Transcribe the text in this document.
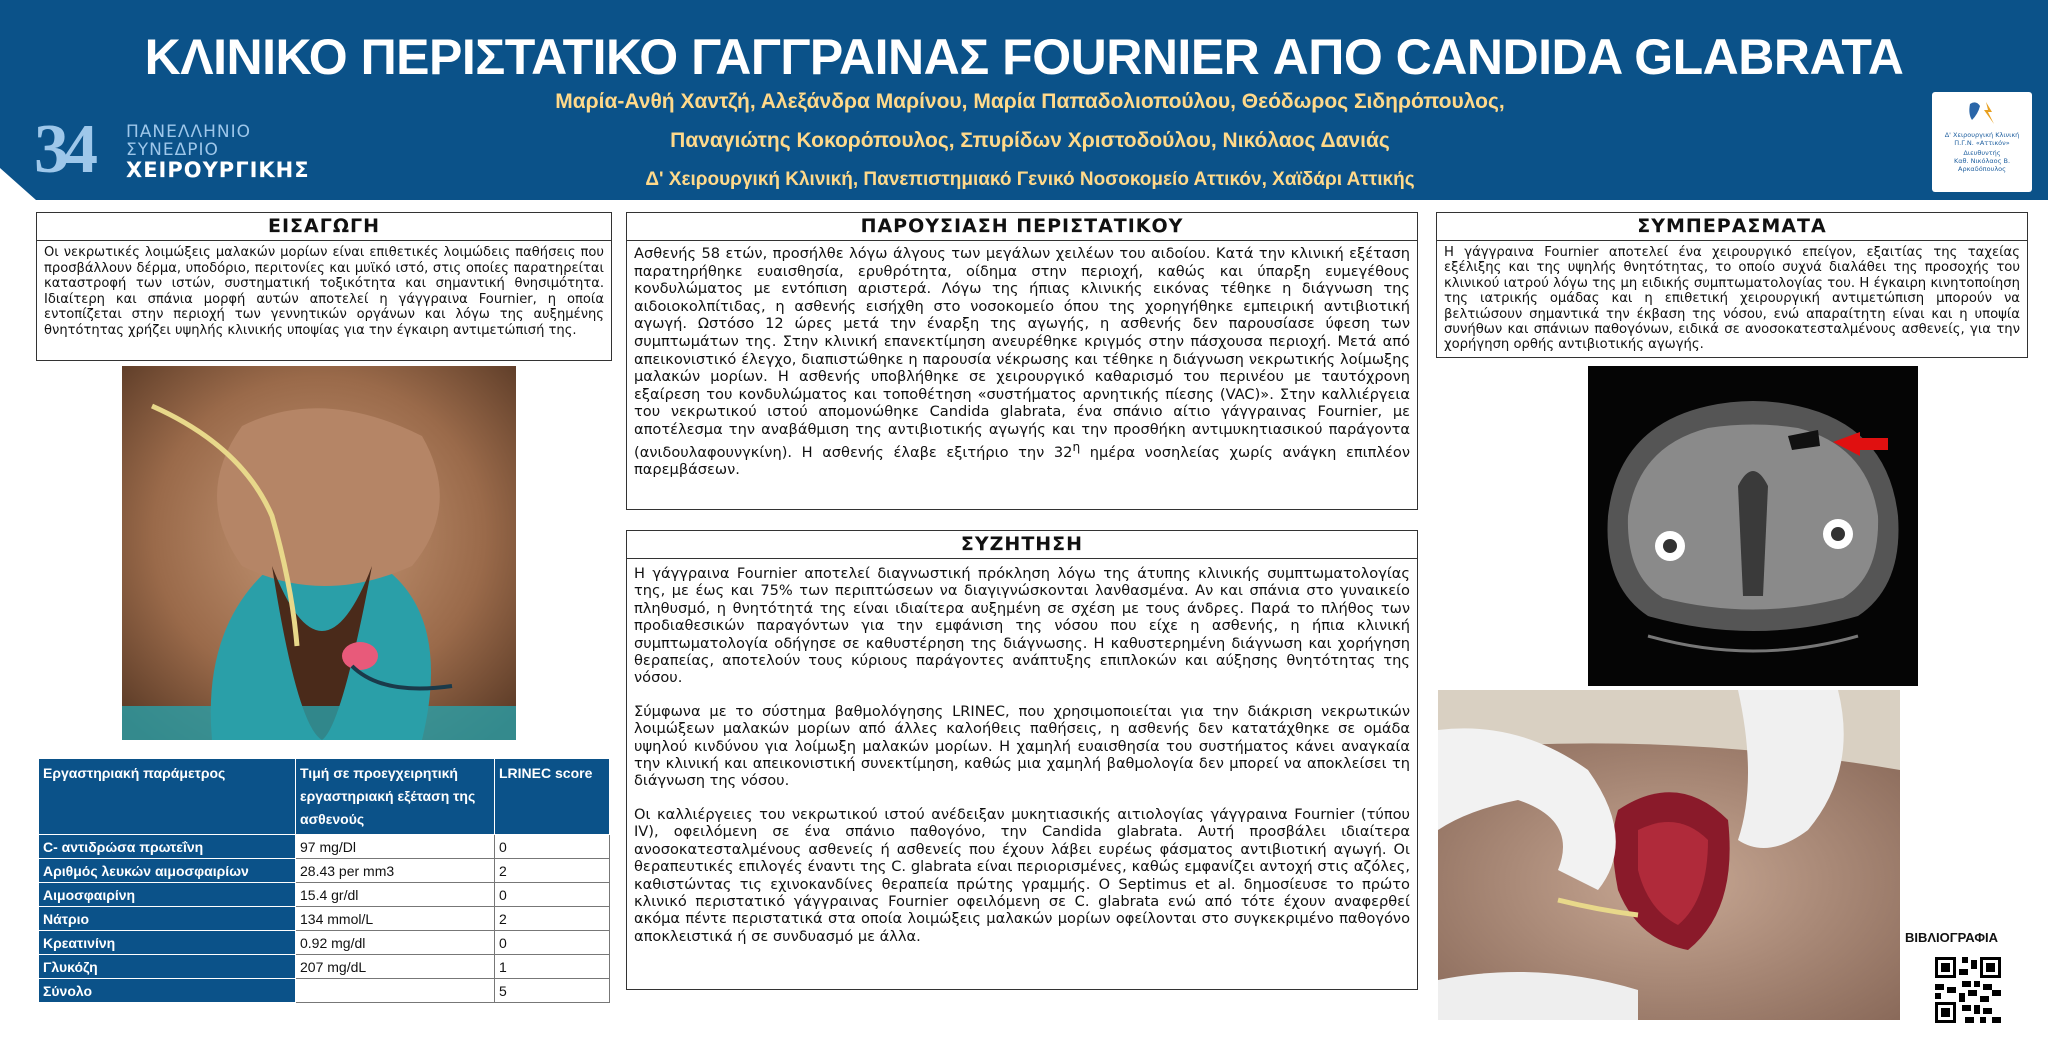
ΚΛΙΝΙΚΟ ΠΕΡΙΣΤΑΤΙΚΟ ΓΑΓΓΡΑΙΝΑΣ FOURNIER ΑΠΟ CANDIDA GLABRATA
Μαρία-Ανθή Χαντζή, Αλεξάνδρα Μαρίνου, Μαρία Παπαδολιοπούλου, Θεόδωρος Σιδηρόπουλος,
Παναγιώτης Κοκορόπουλος, Σπυρίδων Χριστοδούλου, Νικόλαος Δανιάς
Δ' Χειρουργική Κλινική, Πανεπιστημιακό Γενικό Νοσοκομείο Αττικόν, Χαϊδάρι Αττικής
34 ΠΑΝΕΛΛΗΝΙΟ
ΣΥΝΕΔΡΙΟ
ΧΕΙΡΟΥΡΓΙΚΗΣ
Δ' Χειρουργική Κλινική
Π.Γ.Ν. «Αττικόν»
Διευθυντής
Καθ. Νικόλαος Β. Αρκαδόπουλος
ΕΙΣΑΓΩΓΗ
Οι νεκρωτικές λοιμώξεις μαλακών μορίων είναι επιθετικές λοιμώδεις παθήσεις που προσβάλλουν δέρμα, υποδόριο, περιτονίες και μυϊκό ιστό, στις οποίες παρατηρείται καταστροφή των ιστών, συστηματική τοξικότητα και σημαντική θνησιμότητα. Ιδιαίτερη και σπάνια μορφή αυτών αποτελεί η γάγγραινα Fournier, η οποία εντοπίζεται στην περιοχή των γεννητικών οργάνων και λόγω της αυξημένης θνητότητας χρήζει υψηλής κλινικής υποψίας για την έγκαιρη αντιμετώπισή της.
Εργαστηριακή παράμετρος	Τιμή σε προεγχειρητική εργαστηριακή εξέταση της ασθενούς	LRINEC score
C- αντιδρώσα πρωτεΐνη	97 mg/Dl	0
Αριθμός λευκών αιμοσφαιρίων	28.43 per mm3	2
Αιμοσφαιρίνη	15.4 gr/dl	0
Νάτριο	134 mmol/L	2
Κρεατινίνη	0.92 mg/dl	0
Γλυκόζη	207 mg/dL	1
Σύνολο		5
ΠΑΡΟΥΣΙΑΣΗ ΠΕΡΙΣΤΑΤΙΚΟΥ
Ασθενής 58 ετών, προσήλθε λόγω άλγους των μεγάλων χειλέων του αιδοίου. Κατά την κλινική εξέταση παρατηρήθηκε ευαισθησία, ερυθρότητα, οίδημα στην περιοχή, καθώς και ύπαρξη ευμεγέθους κονδυλώματος με εντόπιση αριστερά. Λόγω της ήπιας κλινικής εικόνας τέθηκε η διάγνωση της αιδοιοκολπίτιδας, η ασθενής εισήχθη στο νοσοκομείο όπου της χορηγήθηκε εμπειρική αντιβιοτική αγωγή. Ωστόσο 12 ώρες μετά την έναρξη της αγωγής, η ασθενής δεν παρουσίασε ύφεση των συμπτωμάτων της. Στην κλινική επανεκτίμηση ανευρέθηκε κριγμός στην πάσχουσα περιοχή. Μετά από απεικονιστικό έλεγχο, διαπιστώθηκε η παρουσία νέκρωσης και τέθηκε η διάγνωση νεκρωτικής λοίμωξης μαλακών μορίων. Η ασθενής υποβλήθηκε σε χειρουργικό καθαρισμό του περινέου με ταυτόχρονη εξαίρεση του κονδυλώματος και τοποθέτηση «συστήματος αρνητικής πίεσης (VAC)». Στην καλλιέργεια του νεκρωτικού ιστού απομονώθηκε Candida glabrata, ένα σπάνιο αίτιο γάγγραινας Fournier, με αποτέλεσμα την αναβάθμιση της αντιβιοτικής αγωγής και την προσθήκη αντιμυκητιασικού παράγοντα (ανιδουλαφουνγκίνη). Η ασθενής έλαβε εξιτήριο την $32^\eta$ ημέρα νοσηλείας χωρίς ανάγκη επιπλέον παρεμβάσεων.
ΣΥΖΗΤΗΣΗ

Η γάγγραινα Fournier αποτελεί διαγνωστική πρόκληση λόγω της άτυπης κλινικής συμπτωματολογίας της, με έως και 75% των περιπτώσεων να διαγιγνώσκονται λανθασμένα. Αν και σπάνια στο γυναικείο πληθυσμό, η θνητότητά της είναι ιδιαίτερα αυξημένη σε σχέση με τους άνδρες. Παρά το πλήθος των προδιαθεσικών παραγόντων για την εμφάνιση της νόσου που είχε η ασθενής, η ήπια κλινική συμπτωματολογία οδήγησε σε καθυστέρηση της διάγνωσης. Η καθυστερημένη διάγνωση και χορήγηση θεραπείας, αποτελούν τους κύριους παράγοντες ανάπτυξης επιπλοκών και αύξησης θνητότητας της νόσου.

Σύμφωνα με το σύστημα βαθμολόγησης LRINEC, που χρησιμοποιείται για την διάκριση νεκρωτικών λοιμώξεων μαλακών μορίων από άλλες καλοήθεις παθήσεις, η ασθενής δεν κατατάχθηκε σε ομάδα υψηλού κινδύνου για λοίμωξη μαλακών μορίων. Η χαμηλή ευαισθησία του συστήματος κάνει αναγκαία την κλινική και απεικονιστική συνεκτίμηση, καθώς μια χαμηλή βαθμολογία δεν μπορεί να αποκλείσει τη διάγνωση της νόσου.

Οι καλλιέργειες του νεκρωτικού ιστού ανέδειξαν μυκητιασικής αιτιολογίας γάγγραινα Fournier (τύπου IV), οφειλόμενη σε ένα σπάνιο παθογόνο, την Candida glabrata. Αυτή προσβάλει ιδιαίτερα ανοσοκατεσταλμένους ασθενείς ή ασθενείς που έχουν λάβει ευρέως φάσματος αντιβιοτική αγωγή. Οι θεραπευτικές επιλογές έναντι της C. glabrata είναι περιορισμένες, καθώς εμφανίζει αντοχή στις αζόλες, καθιστώντας τις εχινοκανδίνες θεραπεία πρώτης γραμμής. Ο Septimus et al. δημοσίευσε το πρώτο κλινικό περιστατικό γάγγραινας Fournier οφειλόμενη σε C. glabrata ενώ από τότε έχουν αναφερθεί ακόμα πέντε περιστατικά στα οποία λοιμώξεις μαλακών μορίων οφείλονται στο συγκεκριμένο παθογόνο αποκλειστικά ή σε συνδυασμό με άλλα.

ΣΥΜΠΕΡΑΣΜΑΤΑ
Η γάγγραινα Fournier αποτελεί ένα χειρουργικό επείγον, εξαιτίας της ταχείας εξέλιξης και της υψηλής θνητότητας, το οποίο συχνά διαλάθει της προσοχής του κλινικού ιατρού λόγω της μη ειδικής συμπτωματολογίας του. Η έγκαιρη κινητοποίηση της ιατρικής ομάδας και η επιθετική χειρουργική αντιμετώπιση μπορούν να βελτιώσουν σημαντικά την έκβαση της νόσου, ενώ απαραίτητη είναι και η υποψία συνήθων και σπάνιων παθογόνων, ειδικά σε ανοσοκατεσταλμένους ασθενείς, για την χορήγηση ορθής αντιβιοτικής αγωγής.
ΒΙΒΛΙΟΓΡΑΦΙΑ
